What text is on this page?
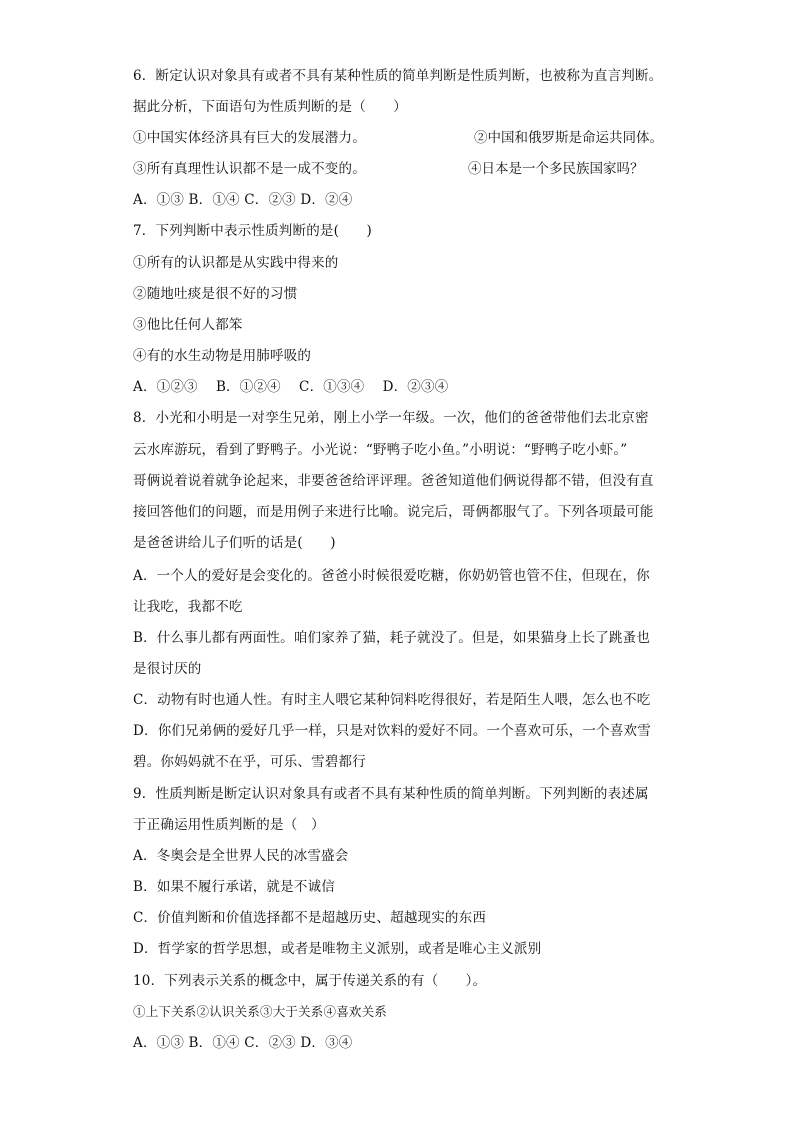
6．断定认识对象具有或者不具有某种性质的简单判断是性质判断，也被称为直言判断。
据此分析，下面语句为性质判断的是（　　）
①中国实体经济具有巨大的发展潜力。	②中国和俄罗斯是命运共同体。
③所有真理性认识都不是一成不变的。	④日本是一个多民族国家吗？
A．①③ B．①④ C．②③ D．②④
7．下列判断中表示性质判断的是(　　)
①所有的认识都是从实践中得来的
②随地吐痰是很不好的习惯
③他比任何人都笨
④有的水生动物是用肺呼吸的
A．①②③　 B．①②④　 C．①③④　 D．②③④
8．小光和小明是一对孪生兄弟，刚上小学一年级。一次，他们的爸爸带他们去北京密
云水库游玩，看到了野鸭子。小光说：“野鸭子吃小鱼。”小明说：“野鸭子吃小虾。”
哥俩说着说着就争论起来，非要爸爸给评评理。爸爸知道他们俩说得都不错，但没有直
接回答他们的问题，而是用例子来进行比喻。说完后，哥俩都服气了。下列各项最可能
是爸爸讲给儿子们听的话是(　　)
A．一个人的爱好是会变化的。爸爸小时候很爱吃糖，你奶奶管也管不住，但现在，你
让我吃，我都不吃
B．什么事儿都有两面性。咱们家养了猫，耗子就没了。但是，如果猫身上长了跳蚤也
是很讨厌的
C．动物有时也通人性。有时主人喂它某种饲料吃得很好，若是陌生人喂，怎么也不吃
D．你们兄弟俩的爱好几乎一样，只是对饮料的爱好不同。一个喜欢可乐，一个喜欢雪
碧。你妈妈就不在乎，可乐、雪碧都行
9．性质判断是断定认识对象具有或者不具有某种性质的简单判断。下列判断的表述属
于正确运用性质判断的是（　）
A．冬奥会是全世界人民的冰雪盛会
B．如果不履行承诺，就是不诚信
C．价值判断和价值选择都不是超越历史、超越现实的东西
D．哲学家的哲学思想，或者是唯物主义派别，或者是唯心主义派别
10．下列表示关系的概念中，属于传递关系的有（　　）。
①上下关系②认识关系③大于关系④喜欢关系
A．①③ B．①④ C．②③ D．③④
